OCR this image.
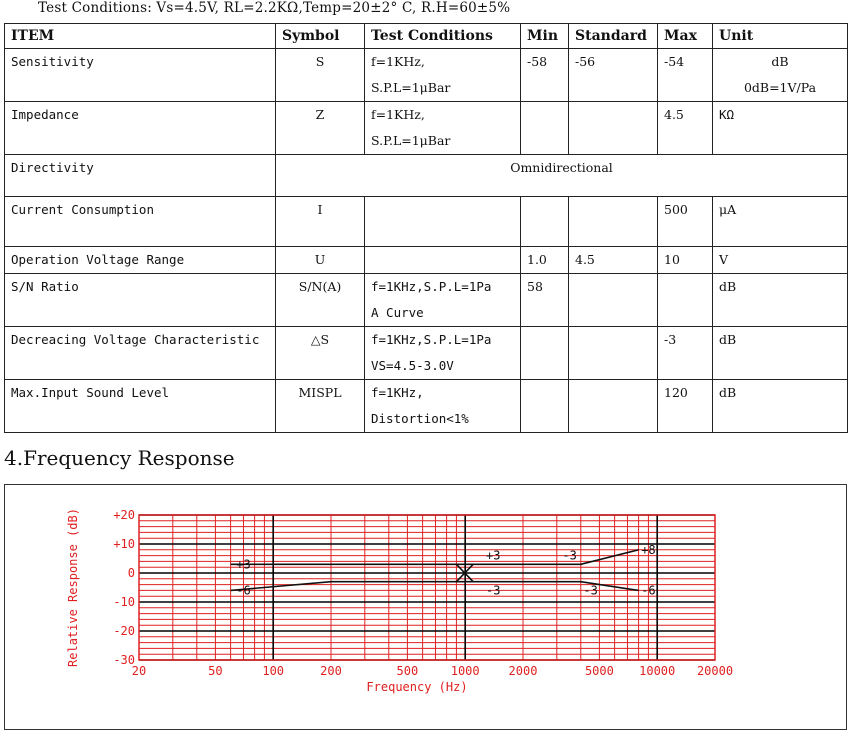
Test Conditions: Vs=4.5V, RL=2.2KΩ,Temp=20±2° C, R.H=60±5%
ITEM	Symbol	Test Conditions	Min	Standard	Max	Unit

Sensitivity	S	f=1KHz,
S.P.L=1μBar	-58	-56	-54	dB
0dB=1V/Pa

Impedance	Z	f=1KHz,
S.P.L=1μBar			4.5	KΩ

Directivity	Omnidirectional					

Current Consumption	I				500	μA

Operation Voltage Range	U		1.0	4.5	10	V

S/N Ratio	S/N(A)	f=1KHz,S.P.L=1Pa
A Curve	58			dB

Decreacing Voltage Characteristic	△S	f=1KHz,S.P.L=1Pa
VS=4.5-3.0V			-3	dB

Max.Input Sound Level	MISPL	f=1KHz,
Distortion<1%			120	dB
4.Frequency Response
+20
+10
0
-10
-20
-30
20	50	100	200	500	1000 2000	5000 10000 20000
Frequency (Hz)
Relative Response (dB)	+3
-6
+3
-3
-3
-3
+8
-6
